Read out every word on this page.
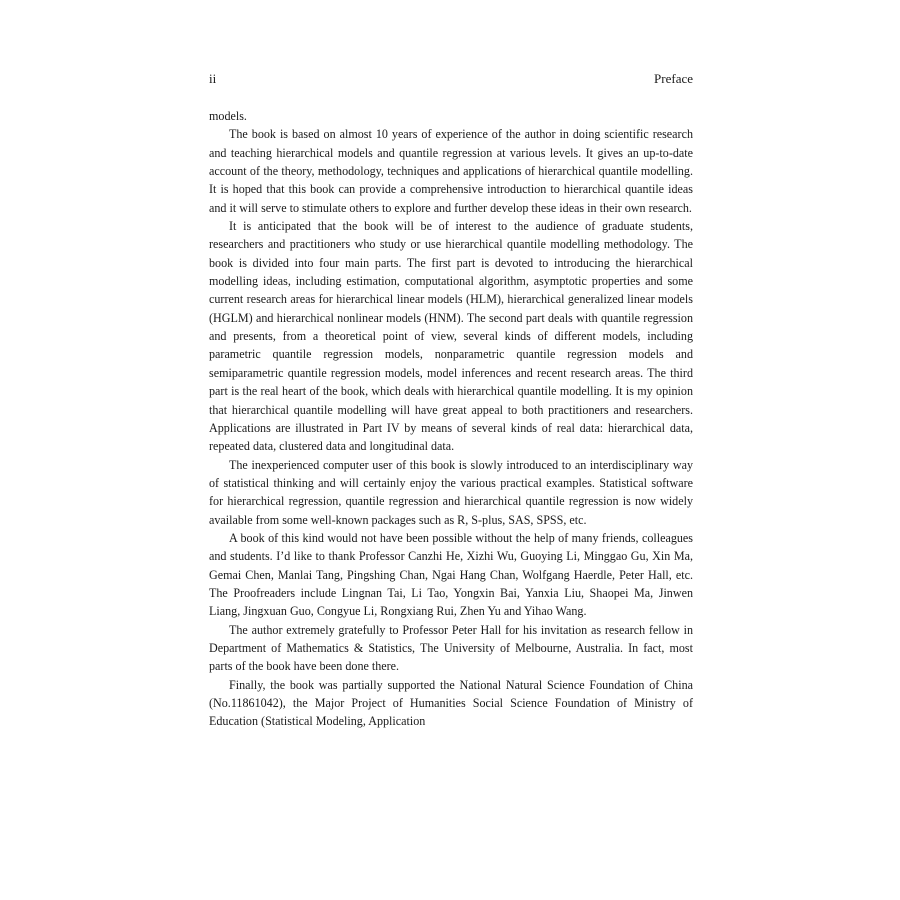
ii	Preface

models.

The book is based on almost 10 years of experience of the author in doing scientific research and teaching hierarchical models and quantile regression at various levels. It gives an up-to-date account of the theory, methodology, techniques and applications of hierarchical quantile modelling. It is hoped that this book can provide a comprehensive introduction to hierarchical quantile ideas and it will serve to stimulate others to explore and further develop these ideas in their own research.

It is anticipated that the book will be of interest to the audience of graduate students, researchers and practitioners who study or use hierarchical quantile modelling methodology. The book is divided into four main parts. The first part is devoted to introducing the hierarchical modelling ideas, including estimation, computational algorithm, asymptotic properties and some current research areas for hierarchical linear models (HLM), hierarchical generalized linear models (HGLM) and hierarchical nonlinear models (HNM). The second part deals with quantile regression and presents, from a theoretical point of view, several kinds of different models, including parametric quantile regression models, nonparametric quantile regression models and semiparametric quantile regression models, model inferences and recent research areas. The third part is the real heart of the book, which deals with hierarchical quantile modelling. It is my opinion that hierarchical quantile modelling will have great appeal to both practitioners and researchers. Applications are illustrated in Part IV by means of several kinds of real data: hierarchical data, repeated data, clustered data and longitudinal data.

The inexperienced computer user of this book is slowly introduced to an interdisciplinary way of statistical thinking and will certainly enjoy the various practical examples. Statistical software for hierarchical regression, quantile regression and hierarchical quantile regression is now widely available from some well-known packages such as R, S-plus, SAS, SPSS, etc.

A book of this kind would not have been possible without the help of many friends, colleagues and students. I’d like to thank Professor Canzhi He, Xizhi Wu, Guoying Li, Minggao Gu, Xin Ma, Gemai Chen, Manlai Tang, Pingshing Chan, Ngai Hang Chan, Wolfgang Haerdle, Peter Hall, etc. The Proofreaders include Lingnan Tai, Li Tao, Yongxin Bai, Yanxia Liu, Shaopei Ma, Jinwen Liang, Jingxuan Guo, Congyue Li, Rongxiang Rui, Zhen Yu and Yihao Wang.

The author extremely gratefully to Professor Peter Hall for his invitation as research fellow in Department of Mathematics & Statistics, The University of Melbourne, Australia. In fact, most parts of the book have been done there.

Finally, the book was partially supported the National Natural Science Foundation of China (No.11861042), the Major Project of Humanities Social Science Foundation of Ministry of Education (Statistical Modeling, Application
